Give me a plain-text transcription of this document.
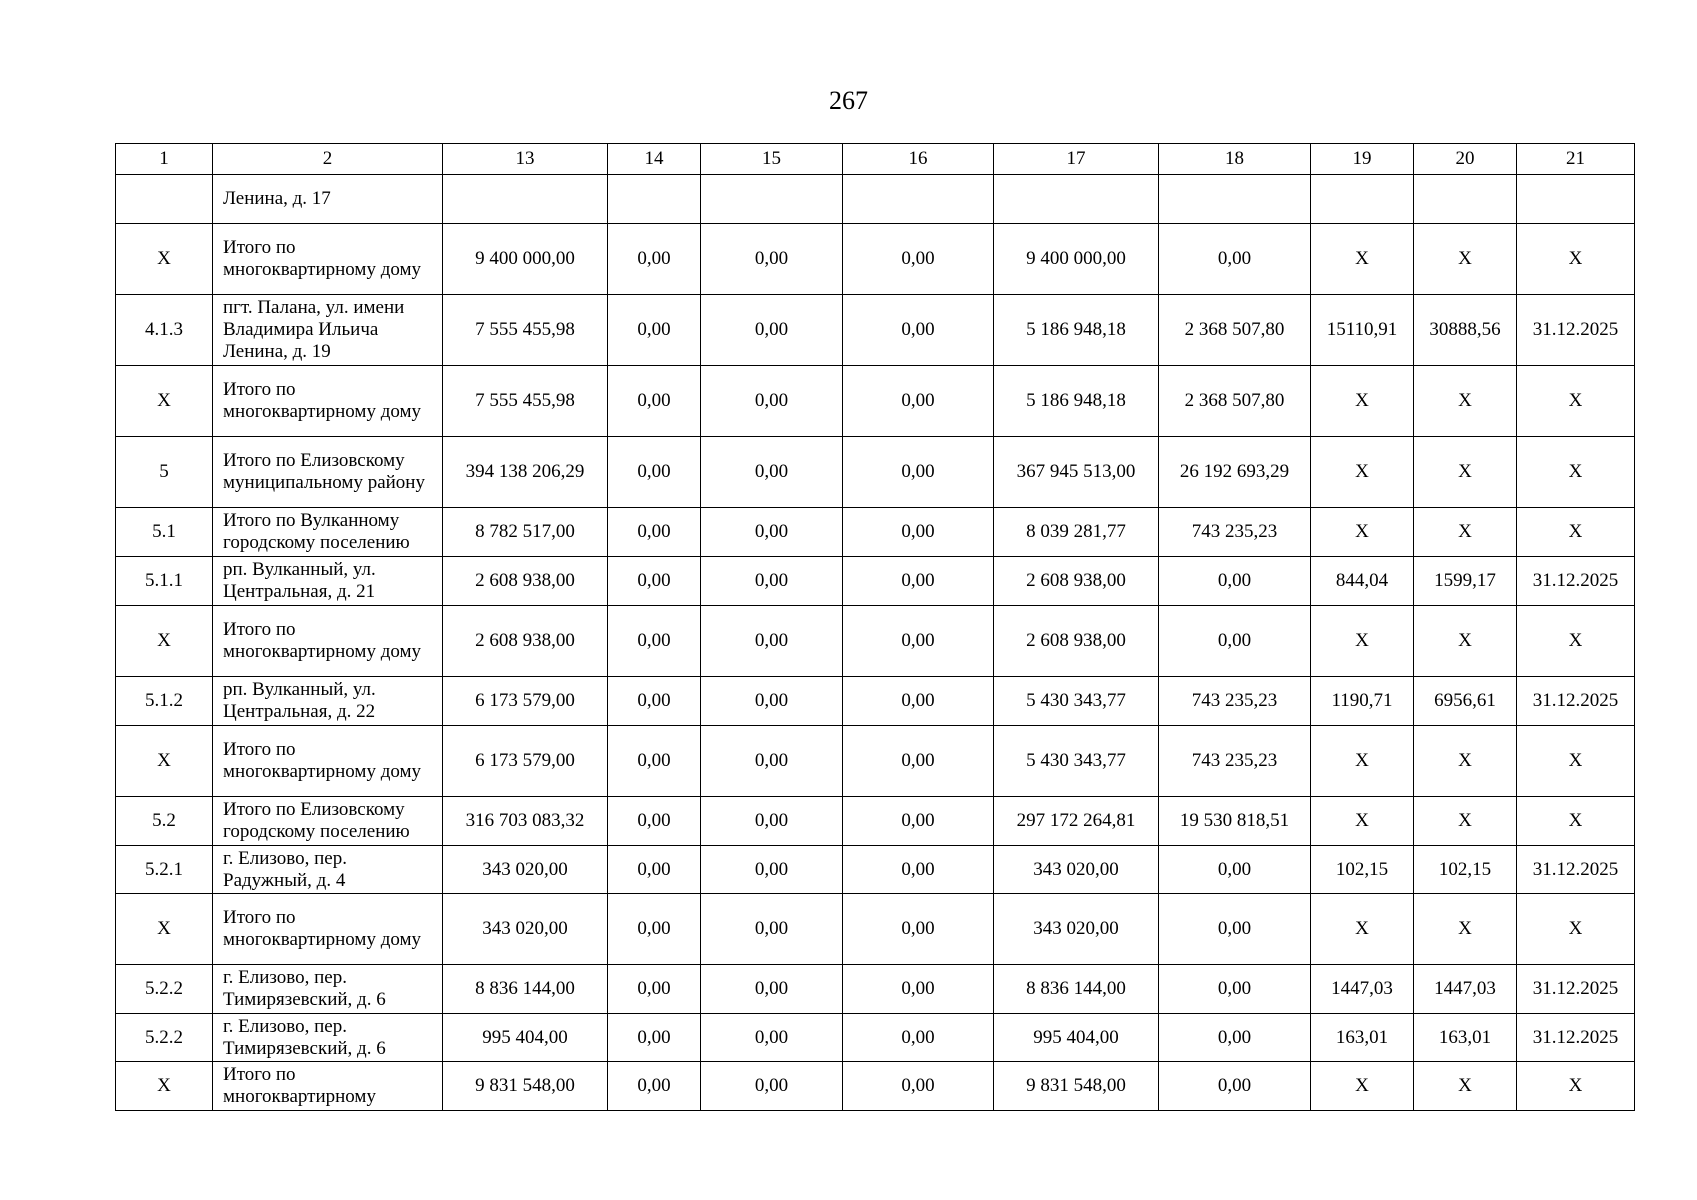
267
1	2	13	14	15	16	17	18	19	20	21
	Ленина, д. 17									
X	Итого по многоквартирному дому	9 400 000,00	0,00	0,00	0,00	9 400 000,00	0,00	X	X	X
4.1.3	пгт. Палана, ул. имени Владимира Ильича Ленина, д. 19	7 555 455,98	0,00	0,00	0,00	5 186 948,18	2 368 507,80	15110,91	30888,56	31.12.2025
X	Итого по многоквартирному дому	7 555 455,98	0,00	0,00	0,00	5 186 948,18	2 368 507,80	X	X	X
5	Итого по Елизовскому муниципальному району	394 138 206,29	0,00	0,00	0,00	367 945 513,00	26 192 693,29	X	X	X
5.1	Итого по Вулканному городскому поселению	8 782 517,00	0,00	0,00	0,00	8 039 281,77	743 235,23	X	X	X
5.1.1	рп. Вулканный, ул. Центральная, д. 21	2 608 938,00	0,00	0,00	0,00	2 608 938,00	0,00	844,04	1599,17	31.12.2025
X	Итого по многоквартирному дому	2 608 938,00	0,00	0,00	0,00	2 608 938,00	0,00	X	X	X
5.1.2	рп. Вулканный, ул. Центральная, д. 22	6 173 579,00	0,00	0,00	0,00	5 430 343,77	743 235,23	1190,71	6956,61	31.12.2025
X	Итого по многоквартирному дому	6 173 579,00	0,00	0,00	0,00	5 430 343,77	743 235,23	X	X	X
5.2	Итого по Елизовскому городскому поселению	316 703 083,32	0,00	0,00	0,00	297 172 264,81	19 530 818,51	X	X	X
5.2.1	г. Елизово, пер. Радужный, д. 4	343 020,00	0,00	0,00	0,00	343 020,00	0,00	102,15	102,15	31.12.2025
X	Итого по многоквартирному дому	343 020,00	0,00	0,00	0,00	343 020,00	0,00	X	X	X
5.2.2	г. Елизово, пер. Тимирязевский, д. 6	8 836 144,00	0,00	0,00	0,00	8 836 144,00	0,00	1447,03	1447,03	31.12.2025
5.2.2	г. Елизово, пер. Тимирязевский, д. 6	995 404,00	0,00	0,00	0,00	995 404,00	0,00	163,01	163,01	31.12.2025
X	Итого по многоквартирному	9 831 548,00	0,00	0,00	0,00	9 831 548,00	0,00	X	X	X
